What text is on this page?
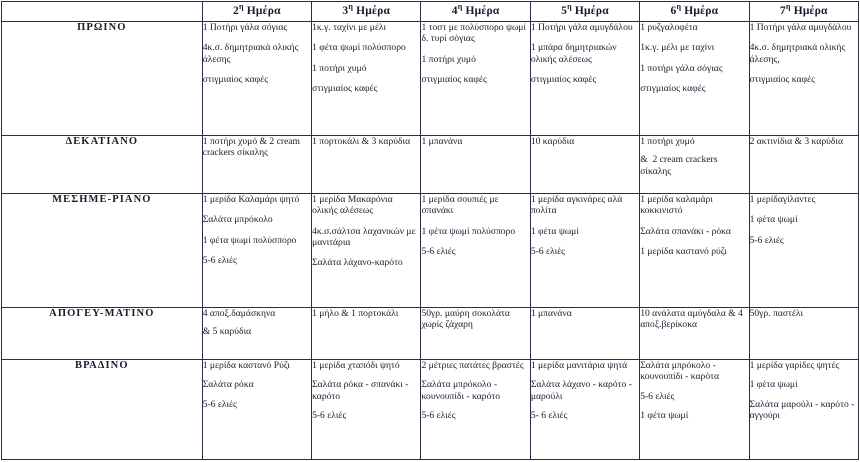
	$2^\eta$ Ημέρα	$3^\eta$ Ημέρα	$4^\eta$ Ημέρα	$5^\eta$ Ημέρα	$6^\eta$ Ημέρα	$7^\eta$ Ημέρα
ΠΡΩΙΝΟ	1 Ποτήρι γάλα σόγιας
4κ.σ. δημητριακά ολικής άλεσης
στιγμιαίος καφές	1κ.γ. ταχίνι με μέλι
1 φέτα ψωμί πολύσπορο
1 ποτήρι χυμό
στιγμιαίος καφές	1 τοστ με πολύσπορο ψωμί δ. τυρί σόγιας
1 ποτήρι χυμό
στιγμιαίος καφές	1 Ποτήρι γάλα αμυγδάλου
1 μπάρα δημητριακών ολικής αλέσεως
στιγμιαίος καφές	1 ρυζγαλοφέτα
1κ.γ. μέλι με ταχίνι
1 ποτήρι γάλα σόγιας
στιγμιαίος καφές	1 Ποτήρι γάλα αμυγδάλου
4κ.σ. δημητριακά ολικής άλεσης,
στιγμιαίος καφές

ΔΕΚΑΤΙΑΝΟ	1 ποτήρι χυμό & 2 cream crackers σίκαλης	1 πορτοκάλι & 3 καρύδια	1 μπανάνα	10 καρύδια	1 ποτήρι χυμό
&  2 cream crackers σίκαλης	2 ακτινίδια & 3 καρύδια

ΜΕΣΗΜΕ-ΡΙΑΝΟ	1 μερίδα Καλαμάρι ψητό
Σαλάτα μπρόκολο
1 φέτα ψωμί πολύσπορο
5-6 ελιές	1 μερίδα Μακαρόνια ολικής αλέσεως
4κ.σ.σάλτσα λαχανικών με μανιτάρια
Σαλάτα λάχανο-καρότο	1 μερίδα σουπιές με σπανάκι
1 φέτα ψωμί πολύσπορο
5-6 ελιές	1 μερίδα αγκινάρες αλά πολίτα
1 φέτα ψωμί
5-6 ελιές	1 μερίδα καλαμάρι κοκκινιστό
Σαλάτα σπανάκι - ρόκα
1 μερίδα καστανό ρύζι	1 μερίδαγίλαντες
1 φέτα ψωμί
5-6 ελιές

ΑΠΟΓΕΥ-ΜΑΤΙΝΟ	4 αποξ.δαμάσκηνα
& 5 καρύδια	1 μήλο & 1 πορτοκάλι	50γρ. μαύρη σοκολάτα χωρίς ζάχαρη	1 μπανάνα	10 ανάλατα αμύγδαλα & 4 αποξ.βερίκοκα	50γρ. παστέλι

ΒΡΑΔΙΝΟ	1 μερίδα καστανό Ρύζι
Σαλάτα ρόκα
5-6 ελιές	1 μερίδα χταπόδι ψητό
Σαλάτα ρόκα - σπανάκι - καρότο
5-6 ελιές	2 μέτριες πατάτες βραστές
Σαλάτα μπρόκολο - κουνουπίδι - καρότο
5-6 ελιές	1 μερίδα μανιτάρια ψητά
Σαλάτα λάχανο - καρότο - μαρούλι
5- 6 ελιές	Σαλάτα μπρόκολο - κουνουπίδι - καρότα
5-6 ελιές
1 φέτα ψωμί	1 μερίδα γαρίδες ψητές
1 φέτα ψωμί
Σαλάτα μαρούλι - καρότο - αγγούρι
